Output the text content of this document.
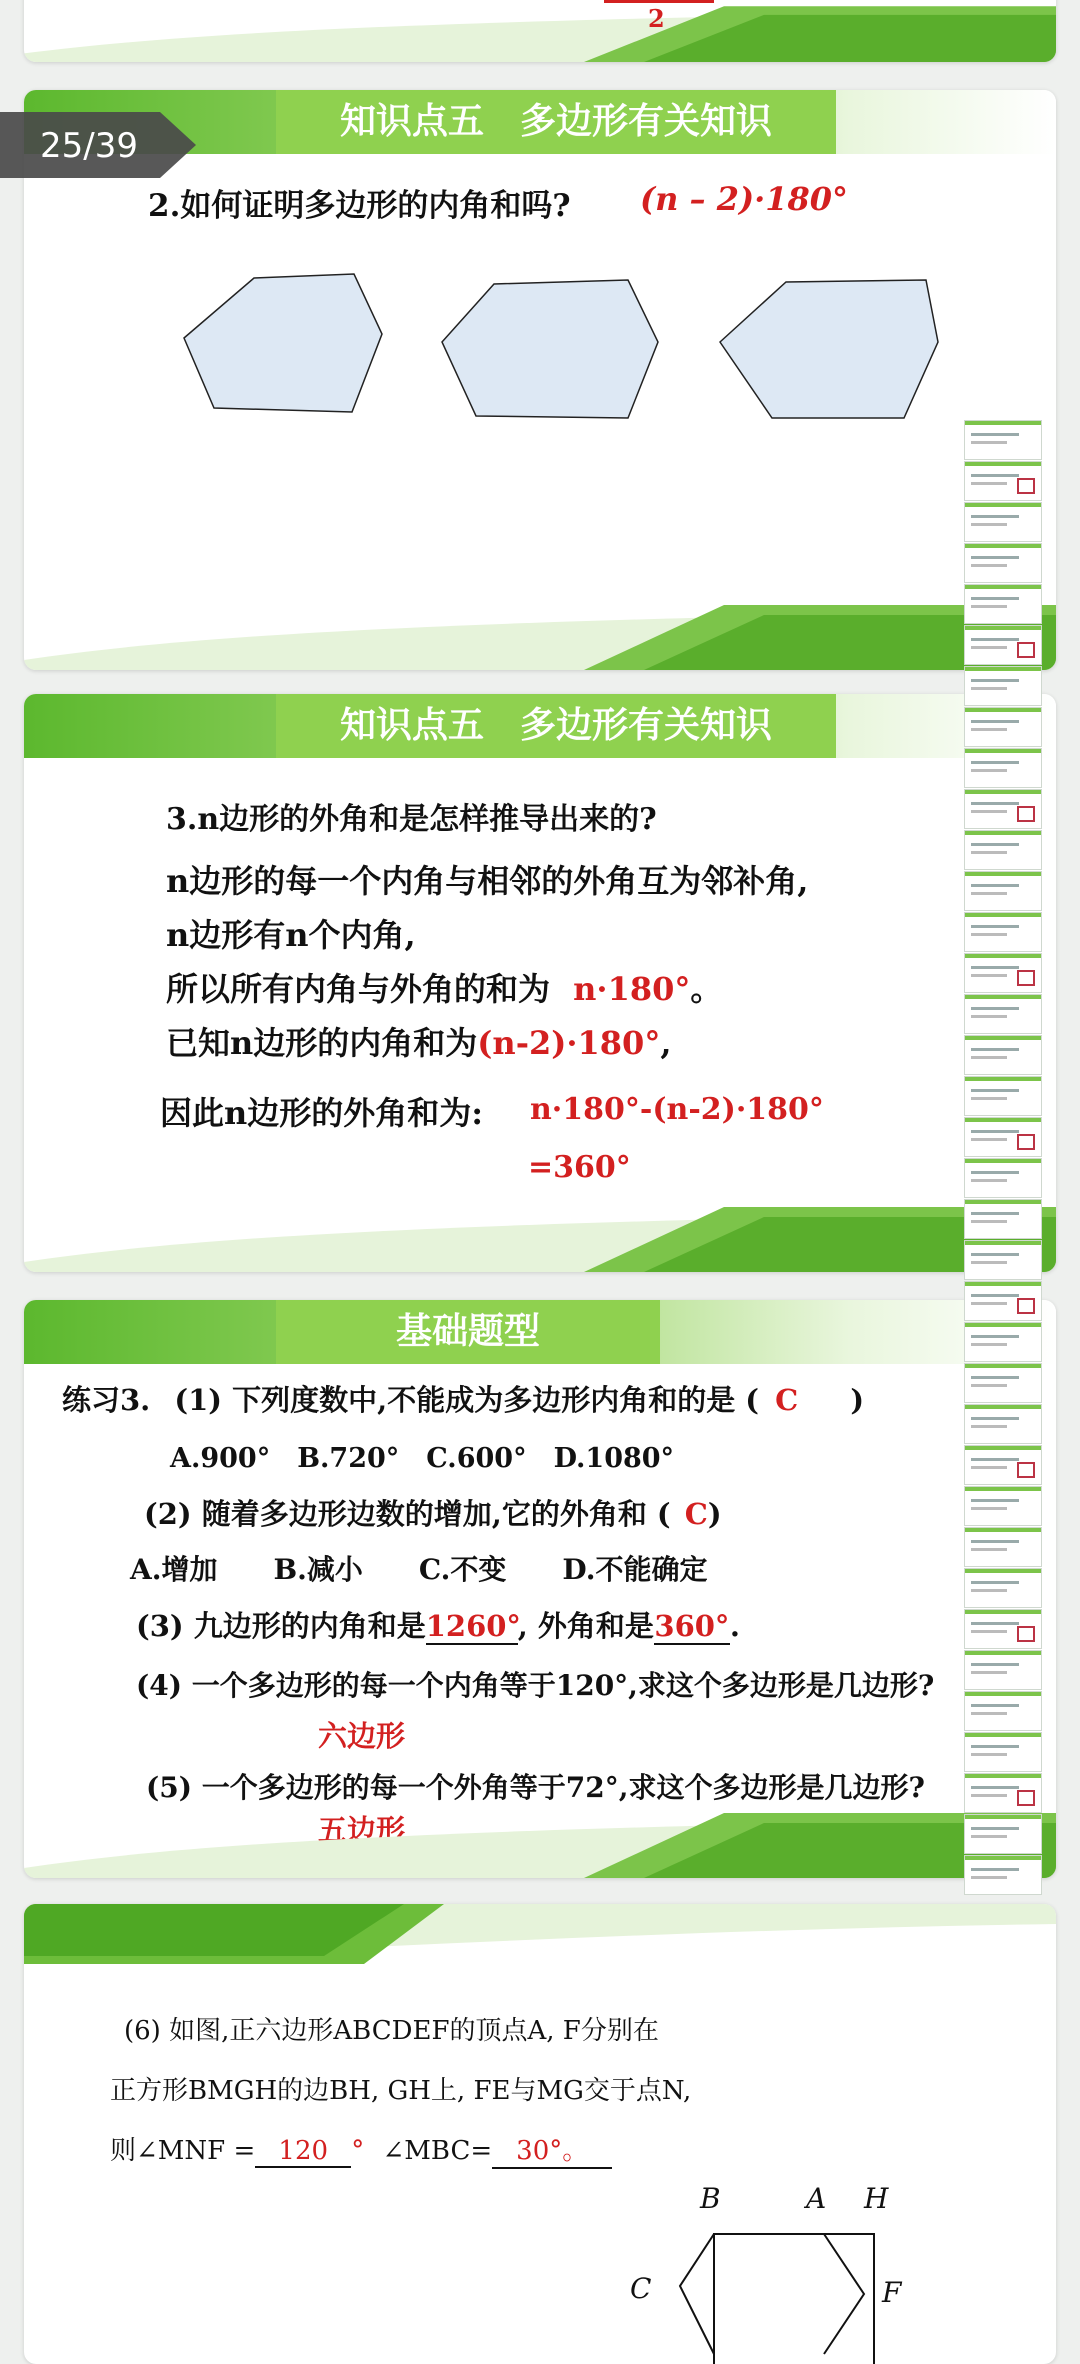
2
知识点五　多边形有关知识
2.如何证明多边形的内角和吗? (n – 2)·180°
25/39
知识点五　多边形有关知识
3.n边形的外角和是怎样推导出来的?
n边形的每一个内角与相邻的外角互为邻补角,
n边形有n个内角,
所以所有内角与外角的和为 n·180°。
已知n边形的内角和为(n-2)·180°,
因此n边形的外角和为: n·180°-(n-2)·180°
=360°
基础题型
练习3. (1) 下列度数中,不能成为多边形内角和的是 ( C )
A.900°　B.720°　C.600°　D.1080°
(2) 随着多边形边数的增加,它的外角和 ( C)
A.增加　　B.减小　　C.不变　　D.不能确定
(3) 九边形的内角和是1260°, 外角和是360°.
(4) 一个多边形的每一个内角等于120°,求这个多边形是几边形?
六边形
(5) 一个多边形的每一个外角等于72°,求这个多边形是几边形?
五边形
(6) 如图,正六边形ABCDEF的顶点A, F分别在
正方形BMGH的边BH, GH上, FE与MG交于点N,
则∠MNF = 120 ° ∠MBC= 30°。
B	A H
C	F
